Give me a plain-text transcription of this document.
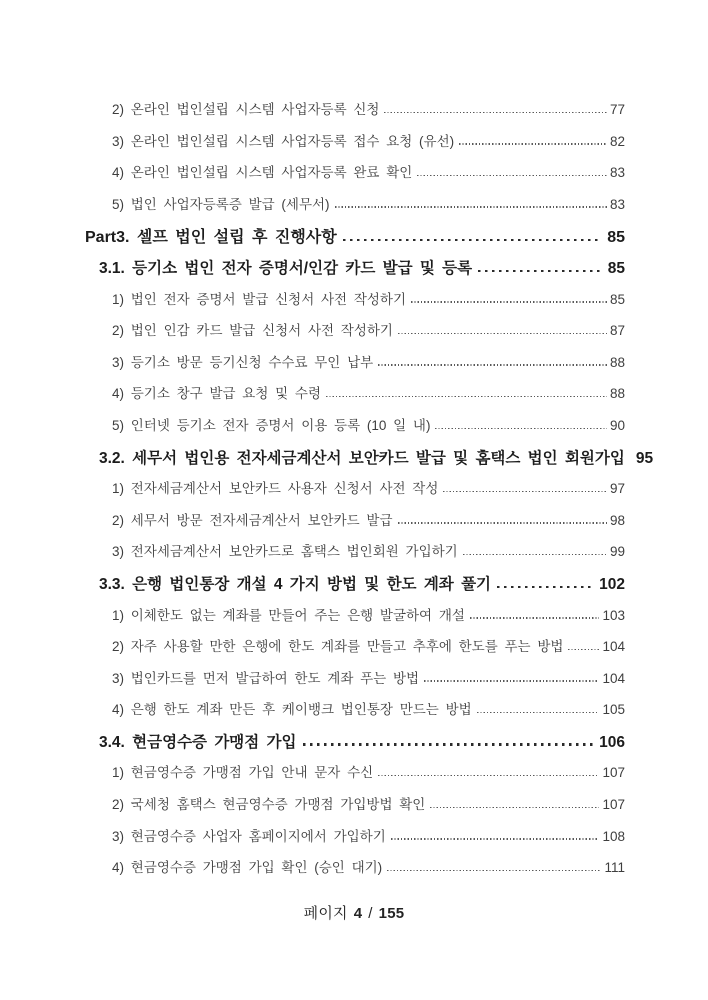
2) 온라인 법인설립 시스템 사업자등록 신청	77
3) 온라인 법인설립 시스템 사업자등록 접수 요청 (유선)	82
4) 온라인 법인설립 시스템 사업자등록 완료 확인	83
5) 법인 사업자등록증 발급 (세무서)	83
Part3. 셀프 법인 설립 후 진행사항	85
3.1. 등기소 법인 전자 증명서/인감 카드 발급 및 등록	85
1) 법인 전자 증명서 발급 신청서 사전 작성하기	85
2) 법인 인감 카드 발급 신청서 사전 작성하기	87
3) 등기소 방문 등기신청 수수료 무인 납부	88
4) 등기소 창구 발급 요청 및 수령	88
5) 인터넷 등기소 전자 증명서 이용 등록 (10 일 내)	90
3.2. 세무서 법인용 전자세금계산서 보안카드 발급 및 홈택스 법인 회원가입 95
1) 전자세금계산서 보안카드 사용자 신청서 사전 작성	97
2) 세무서 방문 전자세금계산서 보안카드 발급	98
3) 전자세금계산서 보안카드로 홈택스 법인회원 가입하기	99
3.3. 은행 법인통장 개설 4 가지 방법 및 한도 계좌 풀기	102
1) 이체한도 없는 계좌를 만들어 주는 은행 발굴하여 개설	103
2) 자주 사용할 만한 은행에 한도 계좌를 만들고 추후에 한도를 푸는 방법	104
3) 법인카드를 먼저 발급하여 한도 계좌 푸는 방법	104
4) 은행 한도 계좌 만든 후 케이뱅크 법인통장 만드는 방법	105
3.4. 현금영수증 가맹점 가입	106
1) 현금영수증 가맹점 가입 안내 문자 수신	107
2) 국세청 홈택스 현금영수증 가맹점 가입방법 확인	107
3) 현금영수증 사업자 홈페이지에서 가입하기	108
4) 현금영수증 가맹점 가입 확인 (승인 대기)	111
페이지 4 / 155
